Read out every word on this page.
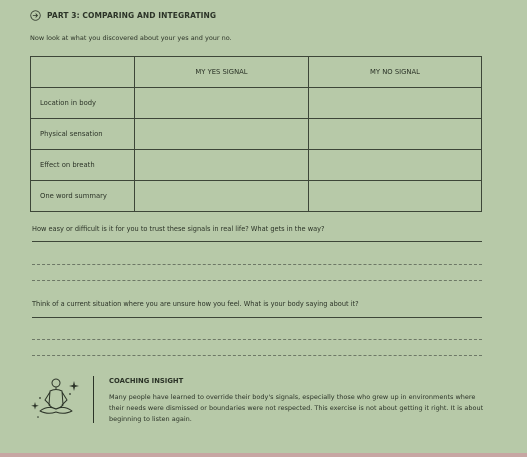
PART 3: COMPARING AND INTEGRATING
Now look at what you discovered about your yes and your no.
	MY YES SIGNAL	MY NO SIGNAL
Location in body		
Physical sensation		
Effect on breath		
One word summary		
How easy or difficult is it for you to trust these signals in real life? What gets in the way?
Think of a current situation where you are unsure how you feel. What is your body saying about it?
COACHING INSIGHT
Many people have learned to override their body's signals, especially those who grew up in environments where their needs were dismissed or boundaries were not respected. This exercise is not about getting it right. It is about beginning to listen again.
